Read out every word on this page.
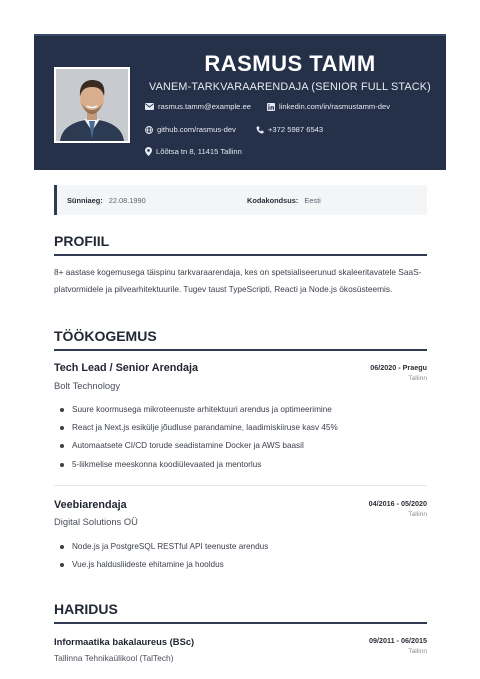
RASMUS TAMM
VANEM-TARKVARAARENDAJA (SENIOR FULL STACK)
rasmus.tamm@example.ee	linkedin.com/in/rasmustamm-dev
github.com/rasmus-dev	+372 5987 6543
Lõõtsa tn 8, 11415 Tallinn
Sünniaeg: 22.08.1990	Kodakondsus: Eesti
PROFIIL
8+ aastase kogemusega täispinu tarkvaraarendaja, kes on spetsialiseerunud skaleeritavatele SaaS-platvormidele ja pilvearhitektuurile. Tugev taust TypeScripti, Reacti ja Node.js ökosüsteemis.
TÖÖKOGEMUS
Tech Lead / Senior Arendaja
Bolt Technology
06/2020 - Praegu
Tallinn
Suure koormusega mikroteenuste arhitektuuri arendus ja optimeerimine
React ja Next.js esikülje jõudluse parandamine, laadimiskiiruse kasv 45%
Automaatsete CI/CD torude seadistamine Docker ja AWS baasil
5-liikmelise meeskonna koodiülevaated ja mentorlus
Veebiarendaja
Digital Solutions OÜ
04/2016 - 05/2020
Tallinn
Node.js ja PostgreSQL RESTful API teenuste arendus
Vue.js haldusliideste ehitamine ja hooldus
HARIDUS
Informaatika bakalaureus (BSc)
Tallinna Tehnikaülikool (TalTech)
09/2011 - 06/2015
Tallinn
